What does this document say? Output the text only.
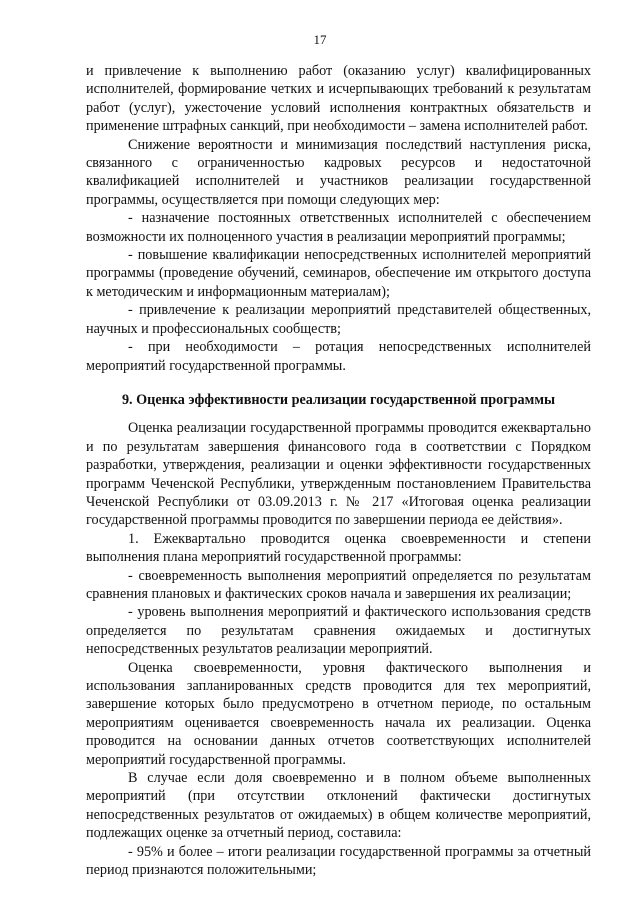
17

и привлечение к выполнению работ (оказанию услуг) квалифицированных исполнителей, формирование четких и исчерпывающих требований к результатам работ (услуг), ужесточение условий исполнения контрактных обязательств и применение штрафных санкций, при необходимости – замена исполнителей работ.

Снижение вероятности и минимизация последствий наступления риска, связанного с ограниченностью кадровых ресурсов и недостаточной квалификацией исполнителей и участников реализации государственной программы, осуществляется при помощи следующих мер:

- назначение постоянных ответственных исполнителей с обеспечением возможности их полноценного участия в реализации мероприятий программы;

- повышение квалификации непосредственных исполнителей мероприятий программы (проведение обучений, семинаров, обеспечение им открытого доступа к методическим и информационным материалам);

- привлечение к реализации мероприятий представителей общественных, научных и профессиональных сообществ;

- при необходимости – ротация непосредственных исполнителей мероприятий государственной программы.

9. Оценка эффективности реализации государственной программы

Оценка реализации государственной программы проводится ежеквартально и по результатам завершения финансового года в соответствии с Порядком разработки, утверждения, реализации и оценки эффективности государственных программ Чеченской Республики, утвержденным постановлением Правительства Чеченской Республики от 03.09.2013 г. № 217 «Итоговая оценка реализации государственной программы проводится по завершении периода ее действия».

1. Ежеквартально проводится оценка своевременности и степени выполнения плана мероприятий государственной программы:

- своевременность выполнения мероприятий определяется по результатам сравнения плановых и фактических сроков начала и завершения их реализации;

- уровень выполнения мероприятий и фактического использования средств определяется по результатам сравнения ожидаемых и достигнутых непосредственных результатов реализации мероприятий.

Оценка своевременности, уровня фактического выполнения и использования запланированных средств проводится для тех мероприятий, завершение которых было предусмотрено в отчетном периоде, по остальным мероприятиям оценивается своевременность начала их реализации. Оценка проводится на основании данных отчетов соответствующих исполнителей мероприятий государственной программы.

В случае если доля своевременно и в полном объеме выполненных мероприятий (при отсутствии отклонений фактически достигнутых непосредственных результатов от ожидаемых) в общем количестве мероприятий, подлежащих оценке за отчетный период, составила:

- 95% и более – итоги реализации государственной программы за отчетный период признаются положительными;
